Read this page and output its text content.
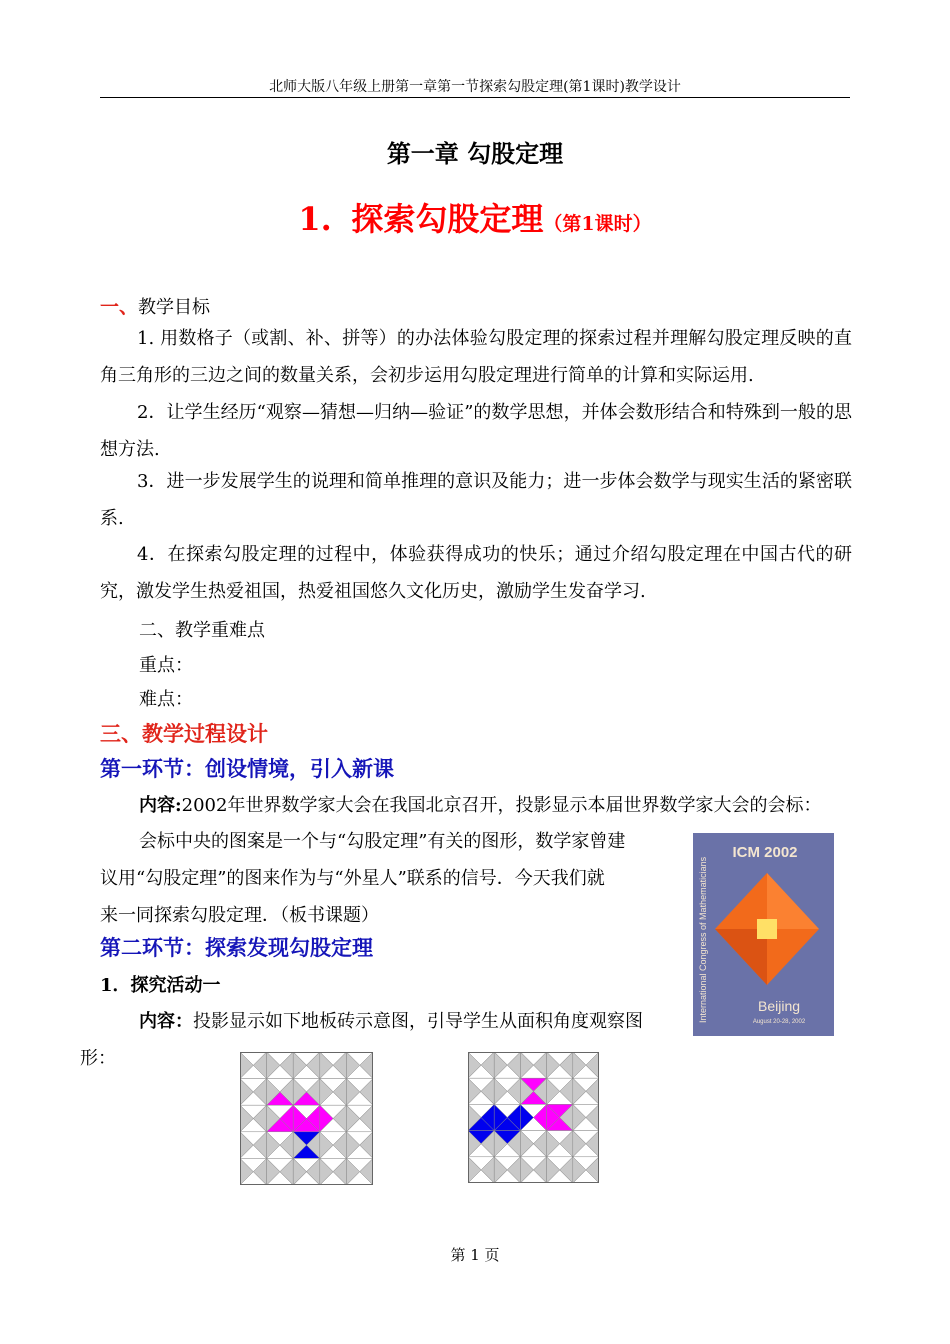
北师大版八年级上册第一章第一节探索勾股定理(第1课时)教学设计
第一章 勾股定理
1. 探索勾股定理（第1课时）
一、教学目标
1. 用数格子（或割、补、拼等）的办法体验勾股定理的探索过程并理解勾股定理反映的直角三角形的三边之间的数量关系，会初步运用勾股定理进行简单的计算和实际运用.
2．让学生经历“观察—猜想—归纳—验证”的数学思想，并体会数形结合和特殊到一般的思想方法.
3．进一步发展学生的说理和简单推理的意识及能力；进一步体会数学与现实生活的紧密联系.
4．在探索勾股定理的过程中，体验获得成功的快乐；通过介绍勾股定理在中国古代的研究，激发学生热爱祖国，热爱祖国悠久文化历史，激励学生发奋学习.
二、教学重难点
重点：
难点：
三、教学过程设计
第一环节：创设情境，引入新课
内容:2002年世界数学家大会在我国北京召开，投影显示本届世界数学家大会的会标：
会标中央的图案是一个与“勾股定理”有关的图形，数学家曾建
议用“勾股定理”的图来作为与“外星人”联系的信号．今天我们就
来一同探索勾股定理．（板书课题）
ICM 2002
International Congress of Mathematicians	Beijing
August 20-28, 2002
第二环节：探索发现勾股定理
1．探究活动一
内容：投影显示如下地板砖示意图，引导学生从面积角度观察图
形：
第 1 页
